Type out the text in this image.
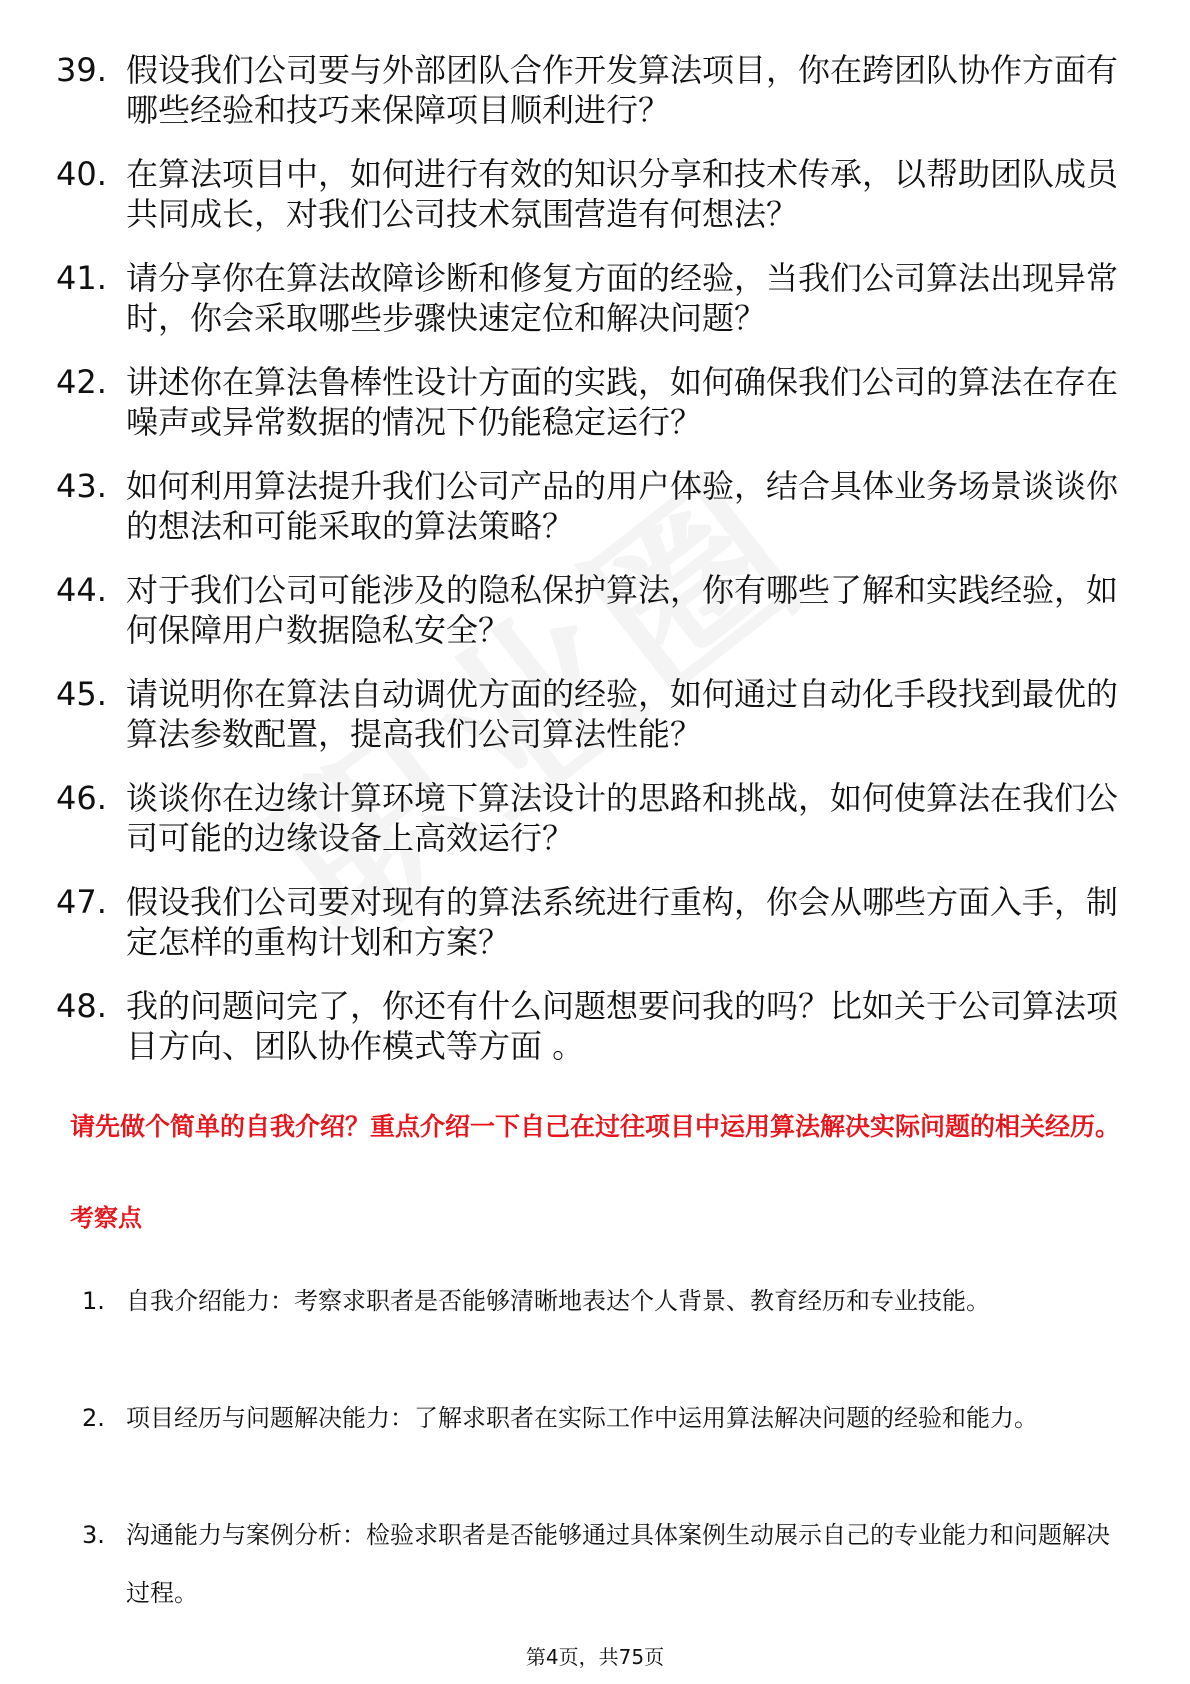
39. 假设我们公司要与外部团队合作开发算法项目，你在跨团队协作方面有哪些经验和技巧来保障项目顺利进行？
40. 在算法项目中，如何进行有效的知识分享和技术传承，以帮助团队成员共同成长，对我们公司技术氛围营造有何想法？
41. 请分享你在算法故障诊断和修复方面的经验，当我们公司算法出现异常时，你会采取哪些步骤快速定位和解决问题？
42. 讲述你在算法鲁棒性设计方面的实践，如何确保我们公司的算法在存在噪声或异常数据的情况下仍能稳定运行？
43. 如何利用算法提升我们公司产品的用户体验，结合具体业务场景谈谈你的想法和可能采取的算法策略？
44. 对于我们公司可能涉及的隐私保护算法，你有哪些了解和实践经验，如何保障用户数据隐私安全？
45. 请说明你在算法自动调优方面的经验，如何通过自动化手段找到最优的算法参数配置，提高我们公司算法性能？
46. 谈谈你在边缘计算环境下算法设计的思路和挑战，如何使算法在我们公司可能的边缘设备上高效运行？
47. 假设我们公司要对现有的算法系统进行重构，你会从哪些方面入手，制定怎样的重构计划和方案？
48. 我的问题问完了，你还有什么问题想要问我的吗？比如关于公司算法项目方向、团队协作模式等方面 。

请先做个简单的自我介绍？重点介绍一下自己在过往项目中运用算法解决实际问题的相关经历。

考察点

1. 自我介绍能力：考察求职者是否能够清晰地表达个人背景、教育经历和专业技能。
2. 项目经历与问题解决能力：了解求职者在实际工作中运用算法解决问题的经验和能力。
3. 沟通能力与案例分析：检验求职者是否能够通过具体案例生动展示自己的专业能力和问题解决过程。
第4页，共75页
